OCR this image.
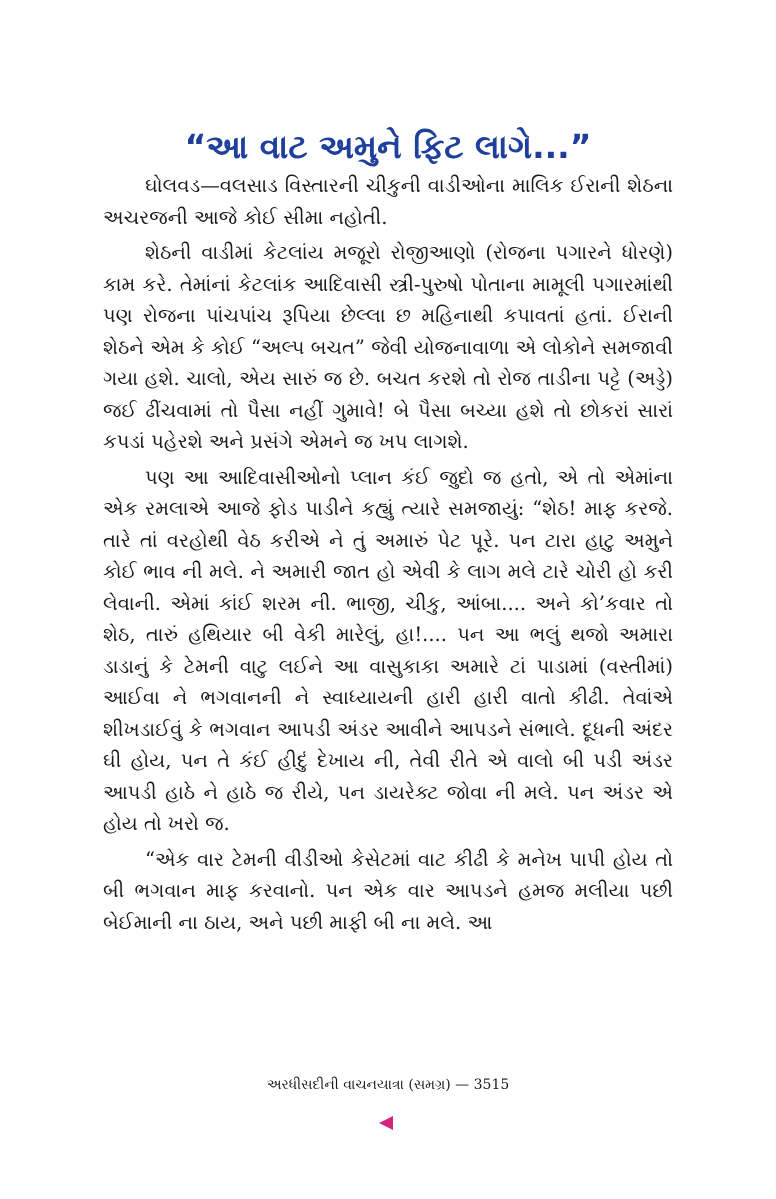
“આ વાટ અમુને ફિટ લાગે...”

ઘોલવડ—વલસાડ વિસ્તારની ચીકુની વાડીઓના માલિક ઈરાની શેઠના અચરજની આજે કોઈ સીમા નહોતી.

શેઠની વાડીમાં કેટલાંય મજૂરો રોજીઆણો (રોજના પગારને ધોરણે) કામ કરે. તેમાંનાં કેટલાંક આદિવાસી સ્ત્રી-પુરુષો પોતાના મામૂલી પગારમાંથી પણ રોજના પાંચપાંચ રૂપિયા છેલ્લા છ મહિનાથી કપાવતાં હતાં. ઈરાની શેઠને એમ કે કોઈ “અલ્પ બચત” જેવી યોજનાવાળા એ લોકોને સમજાવી ગયા હશે. ચાલો, એય સારું જ છે. બચત કરશે તો રોજ તાડીના પટ્ટે (અડ્ડે) જઈ ઢીંચવામાં તો પૈસા નહીં ગુમાવે! બે પૈસા બચ્યા હશે તો છોકરાં સારાં કપડાં પહેરશે અને પ્રસંગે એમને જ ખપ લાગશે.

પણ આ આદિવાસીઓનો પ્લાન કંઈ જુદો જ હતો, એ તો એમાંના એક રમલાએ આજે ફોડ પાડીને કહ્યું ત્યારે સમજાયું: “શેઠ! માફ કરજે. તારે તાં વરહોથી વેઠ કરીએ ને તું અમારું પેટ પૂરે. પન ટારા હાટુ અમુને કોઈ ભાવ ની મલે. ને અમારી જાત હો એવી કે લાગ મલે ટારે ચોરી હો કરી લેવાની. એમાં કાંઈ શરમ ની. ભાજી, ચીકુ, આંબા.... અને કો’કવાર તો શેઠ, તારું હથિયાર બી વેકી મારેલું, હા!.... પન આ ભલું થજો અમારા ડાડાનું કે ટેમની વાટુ લઈને આ વાસુકાકા અમારે ટાં પાડામાં (વસ્તીમાં) આઈવા ને ભગવાનની ને સ્વાધ્યાયની હારી હારી વાતો કીઢી. તેવાંએ શીખડાઈવું કે ભગવાન આપડી અંડર આવીને આપડને સંભાલે. દૂધની અંદર ઘી હોય, પન તે કંઈ હીદું દેખાય ની, તેવી રીતે એ વાલો બી પડી અંડર આપડી હાઠે ને હાઠે જ રીયે, પન ડાયરેક્ટ જોવા ની મલે. પન અંડર એ હોય તો ખરો જ.

“એક વાર ટેમની વીડીઓ કેસેટમાં વાટ કીઢી કે મનેખ પાપી હોય તો બી ભગવાન માફ કરવાનો. પન એક વાર આપડને હમજ મલીયા પછી બેઈમાની ના ઠાય, અને પછી માફી બી ના મલે. આ

અરધીસદીની વાચનયાત્રા (સમગ્ર) — 3515
